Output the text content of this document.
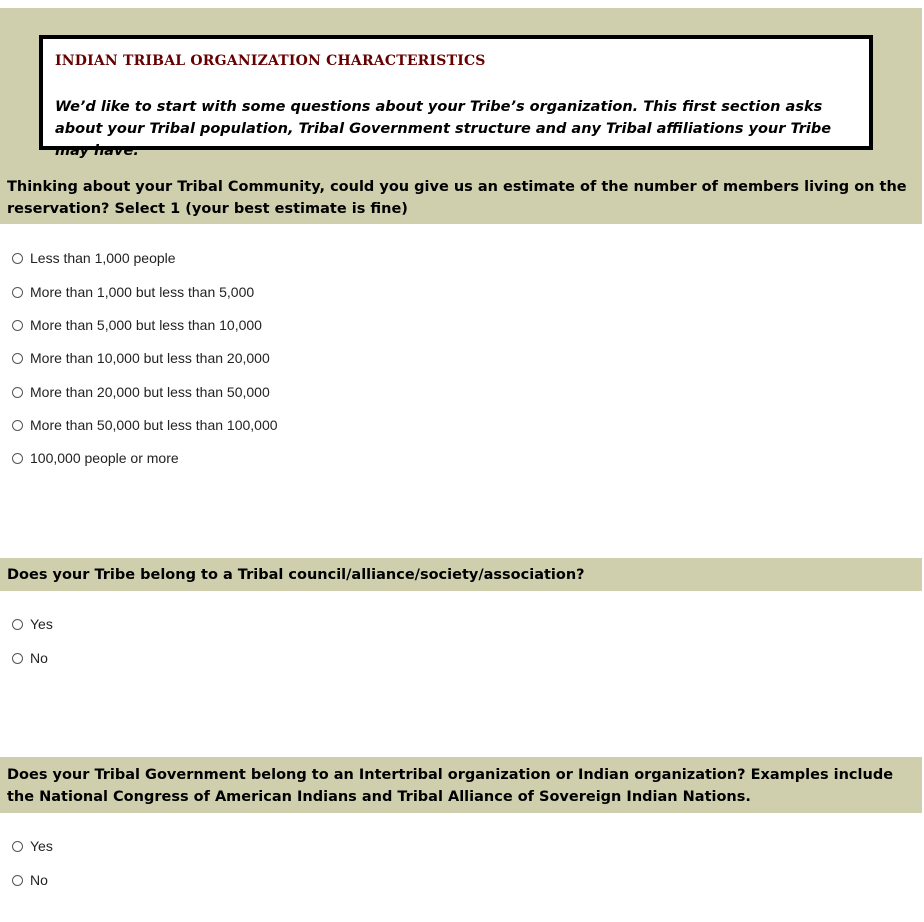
INDIAN TRIBAL ORGANIZATION CHARACTERISTICS
We’d like to start with some questions about your Tribe’s organization. This first section asks about your Tribal population, Tribal Government structure and any Tribal affiliations your Tribe may have.
Thinking about your Tribal Community, could you give us an estimate of the number of members living on the reservation? Select 1 (your best estimate is fine)
Less than 1,000 people
More than 1,000 but less than 5,000
More than 5,000 but less than 10,000
More than 10,000 but less than 20,000
More than 20,000 but less than 50,000
More than 50,000 but less than 100,000
100,000 people or more
Does your Tribe belong to a Tribal council/alliance/society/association?
Yes
No
Does your Tribal Government belong to an Intertribal organization or Indian organization? Examples include the National Congress of American Indians and Tribal Alliance of Sovereign Indian Nations.
Yes
No
